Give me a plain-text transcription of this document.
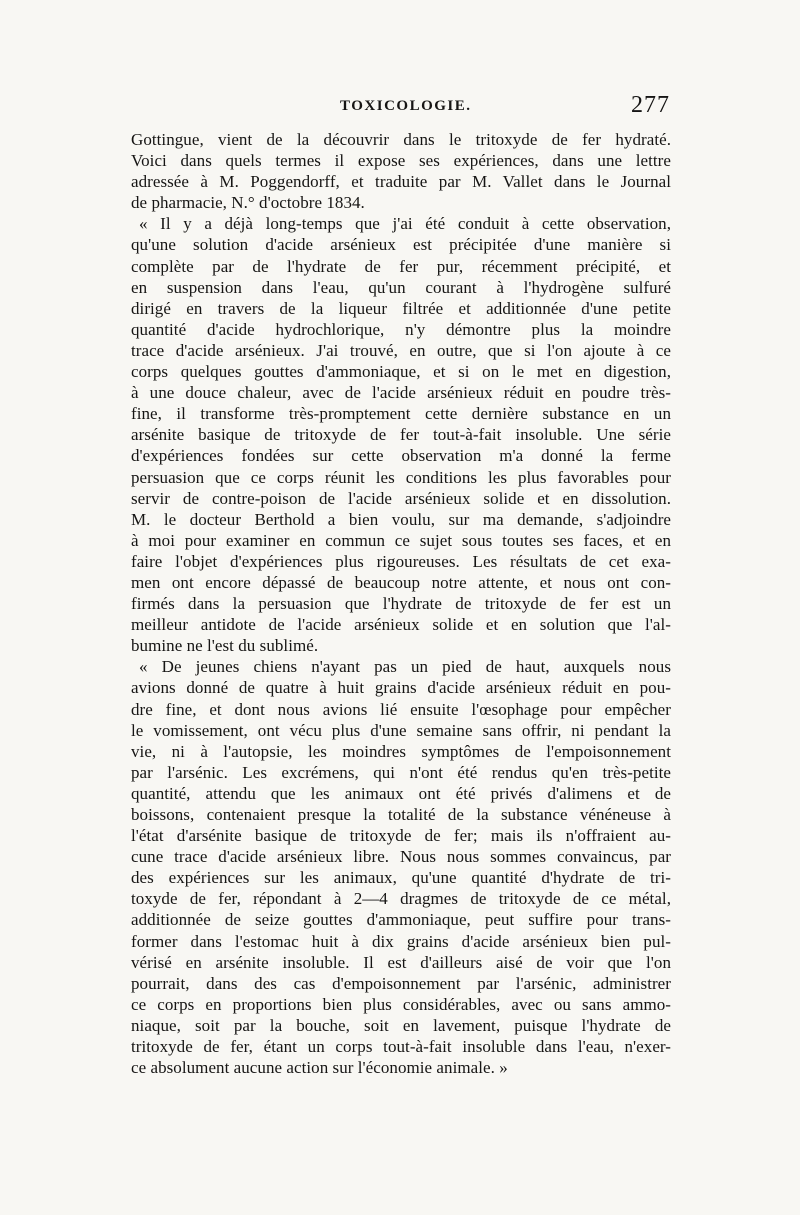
TOXICOLOGIE.	277
Gottingue, vient de la découvrir dans le tritoxyde de fer hydraté.
Voici dans quels termes il expose ses expériences, dans une lettre
adressée à M. Poggendorff, et traduite par M. Vallet dans le Journal
de pharmacie, N.° d'octobre 1834.
« Il y a déjà long-temps que j'ai été conduit à cette observation,
qu'une solution d'acide arsénieux est précipitée d'une manière si
complète par de l'hydrate de fer pur, récemment précipité, et
en suspension dans l'eau, qu'un courant à l'hydrogène sulfuré
dirigé en travers de la liqueur filtrée et additionnée d'une petite
quantité d'acide hydrochlorique, n'y démontre plus la moindre
trace d'acide arsénieux. J'ai trouvé, en outre, que si l'on ajoute à ce
corps quelques gouttes d'ammoniaque, et si on le met en digestion,
à une douce chaleur, avec de l'acide arsénieux réduit en poudre très-
fine, il transforme très-promptement cette dernière substance en un
arsénite basique de tritoxyde de fer tout-à-fait insoluble. Une série
d'expériences fondées sur cette observation m'a donné la ferme
persuasion que ce corps réunit les conditions les plus favorables pour
servir de contre-poison de l'acide arsénieux solide et en dissolution.
M. le docteur Berthold a bien voulu, sur ma demande, s'adjoindre
à moi pour examiner en commun ce sujet sous toutes ses faces, et en
faire l'objet d'expériences plus rigoureuses. Les résultats de cet exa-
men ont encore dépassé de beaucoup notre attente, et nous ont con-
firmés dans la persuasion que l'hydrate de tritoxyde de fer est un
meilleur antidote de l'acide arsénieux solide et en solution que l'al-
bumine ne l'est du sublimé.
« De jeunes chiens n'ayant pas un pied de haut, auxquels nous
avions donné de quatre à huit grains d'acide arsénieux réduit en pou-
dre fine, et dont nous avions lié ensuite l'œsophage pour empêcher
le vomissement, ont vécu plus d'une semaine sans offrir, ni pendant la
vie, ni à l'autopsie, les moindres symptômes de l'empoisonnement
par l'arsénic. Les excrémens, qui n'ont été rendus qu'en très-petite
quantité, attendu que les animaux ont été privés d'alimens et de
boissons, contenaient presque la totalité de la substance vénéneuse à
l'état d'arsénite basique de tritoxyde de fer; mais ils n'offraient au-
cune trace d'acide arsénieux libre. Nous nous sommes convaincus, par
des expériences sur les animaux, qu'une quantité d'hydrate de tri-
toxyde de fer, répondant à 2—4 dragmes de tritoxyde de ce métal,
additionnée de seize gouttes d'ammoniaque, peut suffire pour trans-
former dans l'estomac huit à dix grains d'acide arsénieux bien pul-
vérisé en arsénite insoluble. Il est d'ailleurs aisé de voir que l'on
pourrait, dans des cas d'empoisonnement par l'arsénic, administrer
ce corps en proportions bien plus considérables, avec ou sans ammo-
niaque, soit par la bouche, soit en lavement, puisque l'hydrate de
tritoxyde de fer, étant un corps tout-à-fait insoluble dans l'eau, n'exer-
ce absolument aucune action sur l'économie animale. »
